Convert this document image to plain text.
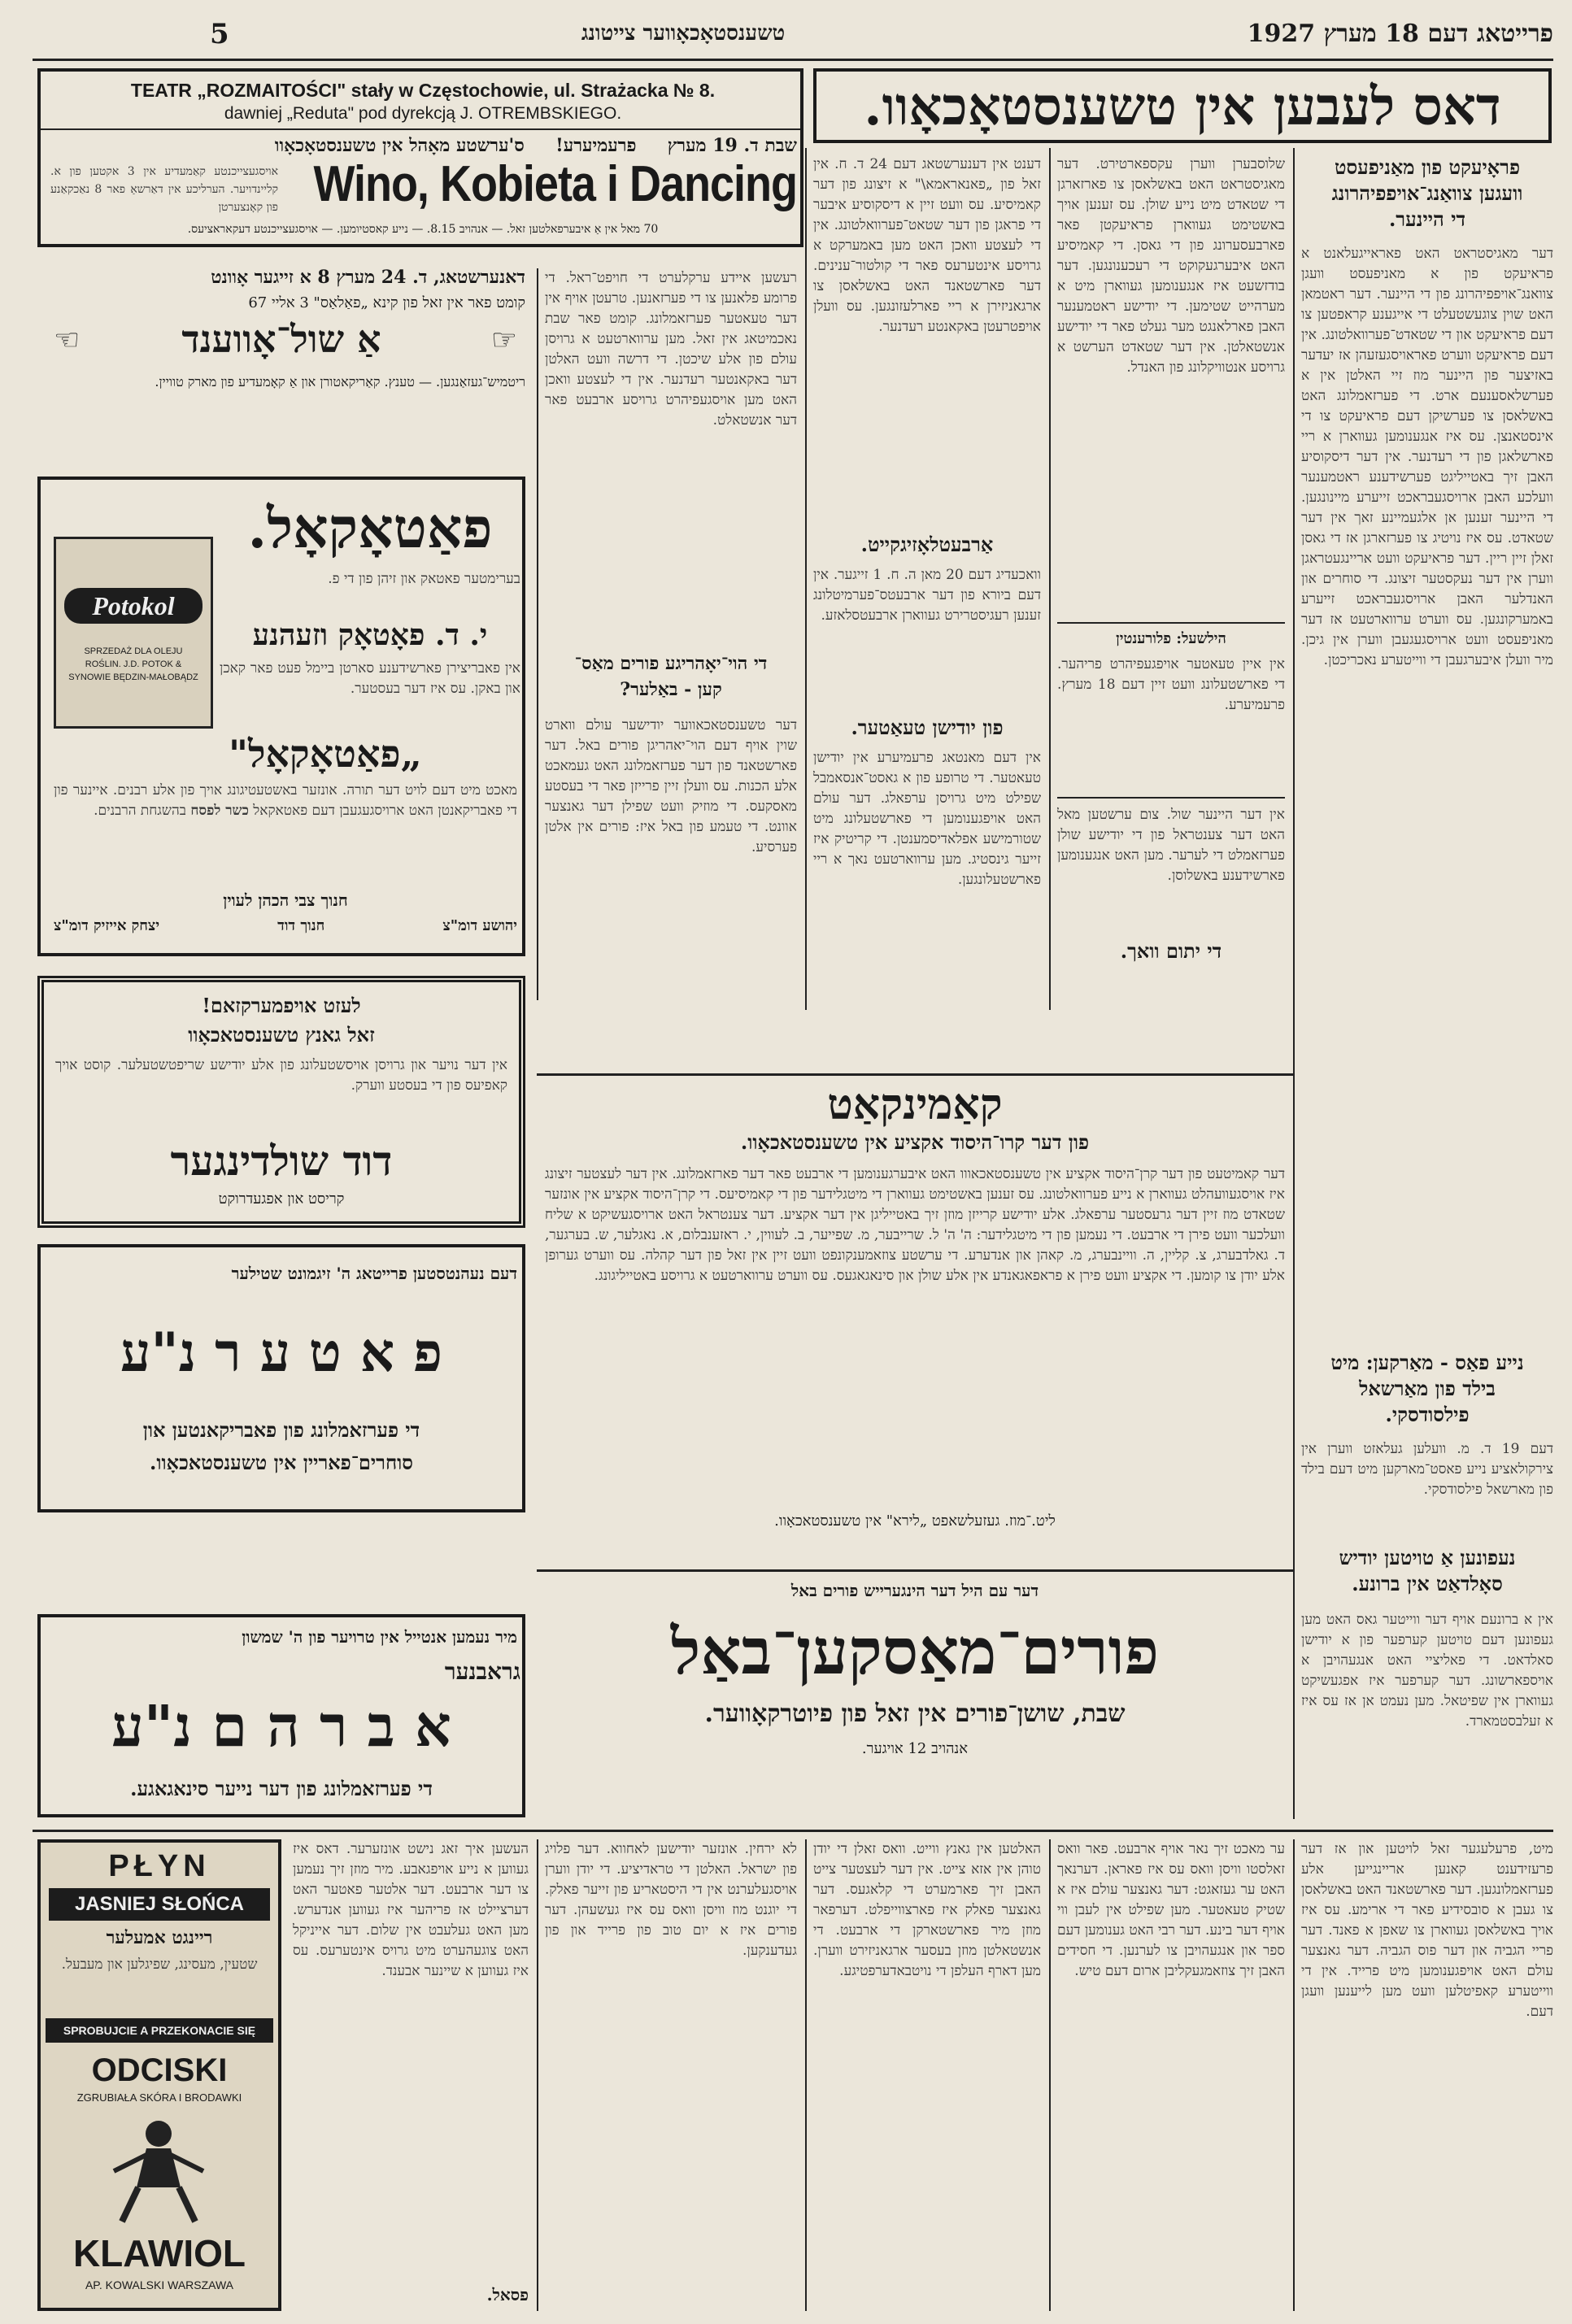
5	טשענסטאָכאָווער צייטונג	פרייטאג דעם 18 מערץ 1927
TEATR „ROZMAITOŚCI" stały w Częstochowie, ul. Strażacka № 8.
dawniej „Reduta" pod dyrekcją J. OTREMBSKIEGO.
שבת ד. 19 מערץ     פרעמיערע!     ס'ערשטע מאָהל אין טשענסטאָכאָוו
Wino, Kobieta i Dancing
אויסגעצייכנטע קאַמעדיע אין 3 אקטען פון א. קליינדויער. הערליכע אין דאַרשאַ פאר 8 נאַכקאַנע פון קאָנצערטן
70 מאל אין אַ איבערפאלטען זאל. — אנהויב 8.15. — נייע קאסטיומען. — אויסגעצייכנטע דעקאראציעס.
דאס לעבען אין טשענסטאָכאָוו.
פראָיעקט פון מאַניפעסט
וועגען צוואַנג־אויפפיהרונג
די היינער.
דער מאגיסטראט האט פאראייגעלאנט א פראיעקט פון א מאניפעסט וועגן צוואנג־אויפפיהרונג פון די היינער. דער ראטמאן האט שוין צוגעשטעלט די אייגענע קראפטען צו דעם פראיעקט און די שטאדט־פערוואלטונג. אין דעם פראיעקט ווערט פאראויסגעזעהן אז יעדער באזיצער פון היינער מוז זיי האלטן אין א פערשלאסענעם ארט. די פערזאמלונג האט באשלאסן צו פערשיקן דעם פראיעקט צו די אינסטאנצן. עס איז אנגענומען געווארן א ריי פארשלאגן פון די רעדנער. אין דער דיסקוסיע האבן זיך באטייליגט פערשידענע ראטמענער וועלכע האבן ארויסגעבראכט זייערע מיינונגען. די היינער זענען אן אלגעמיינע זאך אין דער שטאדט. עס איז נויטיג צו פערזארגן אז די גאסן זאלן זיין ריין. דער פראיעקט וועט אריינגעטראגן ווערן אין דער נעקסטער זיצונג. די סוחרים און האנדלער האבן ארויסגעבראכט זייערע באמערקונגען. עס ווערט ערווארטעט אז דער מאניפעסט וועט ארויסגעגעבן ווערן אין גיכן. מיר וועלן איבערגעבן די ווייטערע נאכריכטן.
נייע פאַס - מאַרקען: מיט
בילד פון מאַרשאל
פילסודסקי.
דעם 19 ד. מ. וועלען געלאזט ווערן אין צירקולאציע נייע פאסט־מארקען מיט דעם בילד פון מארשאל פילסודסקי.
נעפונען אַ טויטען יודיש
סאָלדאַט אין ברונע.
אין א ברונעם אויף דער ווייטער גאס האט מען געפונען דעם טויטען קערפער פון א יודישן סאלדאט. די פאליציי האט אנגעהויבן א אויספארשונג. דער קערפער איז אפגעשיקט געווארן אין שפיטאל. מען נעמט אן אז עס איז א זעלבסטמארד.
שלוסבערן ווערן עקספארטירט. דער מאגיסטראט האט באשלאסן צו פארזארגן די שטאדט מיט נייע שולן. עס זענען אויך באשטימט געווארן פראיעקטן פאר פארבעסערונג פון די גאסן. די קאמיסיע האט איבערגעקוקט די רעכענונגען. דער בודזשעט איז אנגענומען געווארן מיט א מערהייט שטימען. די יודישע ראטמענער האבן פארלאנגט מער געלט פאר די יודישע אנשטאלטן. אין דער שטאדט הערשט א גרויסע אנטוויקלונג פון האנדל.
הילשעל: פלורענטין
אין איין טעאטער אויפגעפיהרט פריהער. די פארשטעלונג וועט זיין דעם 18 מערץ. פרעמיערע.
אין דער היינער שול. צום ערשטען מאל האט דער צענטראל פון די יודישע שולן פערזאמלט די לערער. מען האט אנגענומען פארשידענע באשלוסן.
די יתום וואך.
דענט אין דענערשטאג דעם 24 ד. ח. אין זאל פון „פאנאראמא\" א זיצונג פון דער קאמיסיע. עס וועט זיין א דיסקוסיע איבער די פראגן פון דער שטאט־פערוואלטונג. אין די לעצטע וואכן האט מען באמערקט א גרויסע אינטערעס פאר די קולטור־ענינים. דער פארשטאנד האט באשלאסן צו ארגאניזירן א ריי פארלעזונגען. עס וועלן אויפטרעטן באקאנטע רעדנער.
אַרבעטלאָזיגקייט.
וואכעדיג דעם 20 מאן ה. ח. 1 זייגער. אין דעם ביורא פון דער ארבעטס־פערמיטלונג זענען רעגיסטרירט געווארן ארבעטסלאזע.
פון יודישן טעאַטער.
אין דעם מאנטאג פרעמיערע אין יודישן טעאטער. די טרופע פון א גאסט־אנסאמבל שפילט מיט גרויסן ערפאלג. דער עולם האט אויפגענומען די פארשטעלונג מיט שטורמישע אפלאדיסמענטן. די קריטיק איז זייער גינסטיג. מען ערווארטעט נאך א ריי פארשטעלונגען.
דאנערשטאג, ד. 24 מערץ 8 א זייגער אָוונט
קומט פאר אין זאל פון קינא „פאַלאַס" 3 אליי 67
☜	אַ שול־אָווענד	☞
ריטמיש־געזאַנגען. — טענץ. קאַריקאטורן און אַ קאָמעדיע פון מארק טוויין.
Potokol
SPRZEDAŻ DLA OLEJU ROŚLIN. J.D. POTOK & SYNOWIE BĘDZIN-MAŁOBĄDZ
פאַטאָקאָל.
בערימטער פאטאק און זיהן פון די פ.
י. ד. פאָטאָק וזעהנע
אין פאבריצירן פארשידענע סארטן ביימל פעט פאר קאכן און באקן. עס איז דער בעסטער.
„פאַטאָקאָל"
מאכט מיט דעם לויט דער תורה. אונזער באשטעטיגונג אויך פון אלע רבנים. איינער פון די פאבריקאנטן האט ארויסגעגעבן דעם פאטאקאל כשר לפסח בהשגחת הרבנים.
חנוך צבי הכהן לעוין
יהושע דומ"צ
חנוך דוד
יצחק אייזיק דומ"צ
רעשען איידע ערקלערט די חויפט־ראל. די פרומע פלאנען צו די פערזאנען. טרעטן אויף אין דער טעאטער פערזאמלונג. קומט פאר שבת נאכמיטאג אין זאל. מען ערווארטעט א גרויסן עולם פון אלע שיכטן. די דרשה וועט האלטן דער באקאנטער רעדנער. אין די לעצטע וואכן האט מען אויסגעפיהרט גרויסע ארבעט פאר דער אנשטאלט.
די הוי־יאָהריגע פורים מאַס־
קען - באַלער?
דער טשענסטאכאווער יודישער עולם ווארט שוין אויף דעם הוי־יאהריגן פורים באל. דער פארשטאנד פון דער פערזאמלונג האט געמאכט אלע הכנות. עס וועלן זיין פרייזן פאר די בעסטע מאסקעס. די מוזיק וועט שפילן דער גאנצער אוונט. די טעמע פון באל איז: פורים אין אלטן פערסיע.
לעזט אויפמערקזאם!
זאל גאנץ טשענסטאכאָוו
אין דער נויער און גרויסן אויסשטעלונג פון אלע יודישע שריפטשטעלער. קוסט אויך קאפיעס פון די בעסטע ווערק.
דוד שולדינגער
קריסט און אפגעדרוקט
דעם נעהנטסטען פרייטאג ה' זיגמונט שטילער
פ א ט ע ר נ"ע
די פערזאמלונג פון פאבריקאנטען און
סוחרים־פאריין אין טשענסטאכאָוו.
מיר נעמען אנטייל אין טרויער פון ה' שמשון
גראבנער
א ב ר ה ם נ"ע
די פערזאמלונג פון דער נייער סינאגאגע.
קאַמינקאַט
פון דער קרו־היסוד אקציע אין טשענסטאכאָוו.
דער קאמיטעט פון דער קרן־היסוד אקציע אין טשענסטאכאווו האט איבערגענומען די ארבעט פאר דער פארזאמלונג. אין דער לעצטער זיצונג איז אויסגעוועהלט געווארן א נייע פערוואלטונג. עס זענען באשטימט געווארן די מיטגלידער פון די קאמיסיעס. די קרן־היסוד אקציע אין אונזער שטאדט מוז זיין דער גרעסטער ערפאלג. אלע יודישע קרייזן מוזן זיך באטייליגן אין דער אקציע. דער צענטראל האט ארויסגעשיקט א שליח וועלכער וועט פירן די ארבעט. די נעמען פון די מיטגלידער: ה' ה' ל. שרייבער, מ. שפייער, ב. לעווין, י. ראזענבלום, א. נאגלער, ש. בערגער, ד. גאלדבערג, צ. קליין, ה. וויינבערג, מ. קאהן און אנדערע. די ערשטע צוזאמענקונפט וועט זיין אין זאל פון דער קהלה. עס ווערט גערופן אלע יודן צו קומען. די אקציע וועט פירן א פראפאגאנדע אין אלע שולן און סינאגאגעס. עס ווערט ערווארטעט א גרויסע באטייליגונג.
ליט.־מוז. געזעלשאפט „לירא" אין טשענסטאכאָוו.
דער עם היל דער הינגערייש פורים באל
פורים־מאַסקען־באַל
שבת, שושן־פורים אין זאל פון פיוטרקאָווער.
אנהויב 12 אויגער.
PŁYN
JASNIEJ SŁOŃCA
ריינגט אמעלער
שטעין, מעסינג, שפיגלען און מעבעל.
SPROBUJCIE A PRZEKONACIE SIĘ
ODCISKI
ZGRUBIAŁA SKÓRA I BRODAWKI
KLAWIOL
AP. KOWALSKI WARSZAWA
מיט, פרעלעגער זאל לויטען און אז דער פרעזידענט קאנען אריינגייען אלע פערזאמלונגען. דער פארשטאנד האט באשלאסן צו געבן א סובסידיע פאר די ארימע. עס איז אויך באשלאסן געווארן צו שאפן א פאנד. דער פריי הגביה און דער פוס הגביה. דער גאנצער עולם האט אויפגענומען מיט פרייד. אין די ווייטערע קאפיטלען וועט מען לייענען וועגן דעם.
ער מאכט זיך נאר אויף ארבעט. פאר וואס זאלסטו וויסן וואס עס איז פאראן. דערנאך האט ער געזאגט: דער גאנצער עולם איז א שטיק טעאטער. מען שפילט אין לעבן ווי אויף דער בינע. דער רבי האט גענומען דעם ספר און אנגעהויבן צו לערנען. די חסידים האבן זיך צוזאמגעקליבן ארום דעם טיש.
האלטען אין גאנץ ווייט. וואס זאלן די יודן טוהן אין אזא צייט. אין דער לעצטער צייט האבן זיך פארמערט די קלאגעס. דער גאנצער פאלק איז פארצווייפלט. דערפאר מוזן מיר פארשטארקן די ארבעט. די אנשטאלטן מוזן בעסער ארגאניזירט ווערן. מען דארף העלפן די נויטבאדערפטיגע.
לא ירחין. אונזער יודישען לאחווא. דער פלויג פון ישראל. האלטן די טראדיציע. די יודן ווערן אויסגעלערנט אין די היסטאריע פון זייער פאלק. די יוגנט מוז וויסן וואס עס איז געשעהן. דער פורים איז א יום טוב פון פרייד און פון געדענקען.
העשען איך זאג נישט אונזערער. דאס איז געווען א נייע אויפגאבע. מיר מוזן זיך נעמען צו דער ארבעט. דער אלטער פאטער האט דערציילט אז פריהער איז געווען אנדערש. מען האט געלעבט אין שלום. דער אייניקל האט צוגעהערט מיט גרויס אינטערעס. עס איז געווען א שיינער אבענד.
פסאל.
